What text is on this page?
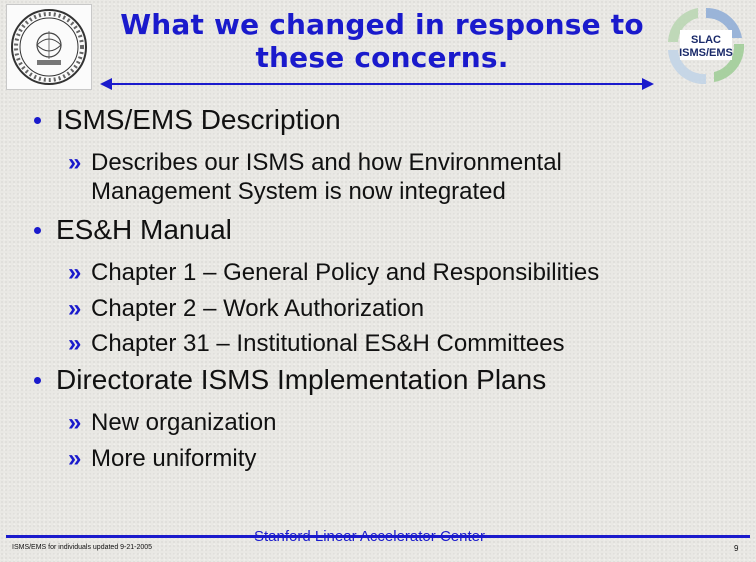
SLAC
ISMS/EMS
What we changed in response to
these concerns.
ISMS/EMS Description
» Describes our ISMS and how Environmental
Management System is now integrated
ES&H Manual
» Chapter 1 – General Policy and Responsibilities
» Chapter 2 – Work Authorization
» Chapter 31 – Institutional ES&H Committees
Directorate ISMS Implementation Plans
» New organization
» More uniformity
Stanford Linear Accelerator Center
ISMS/EMS for individuals updated 9-21-2005	9
